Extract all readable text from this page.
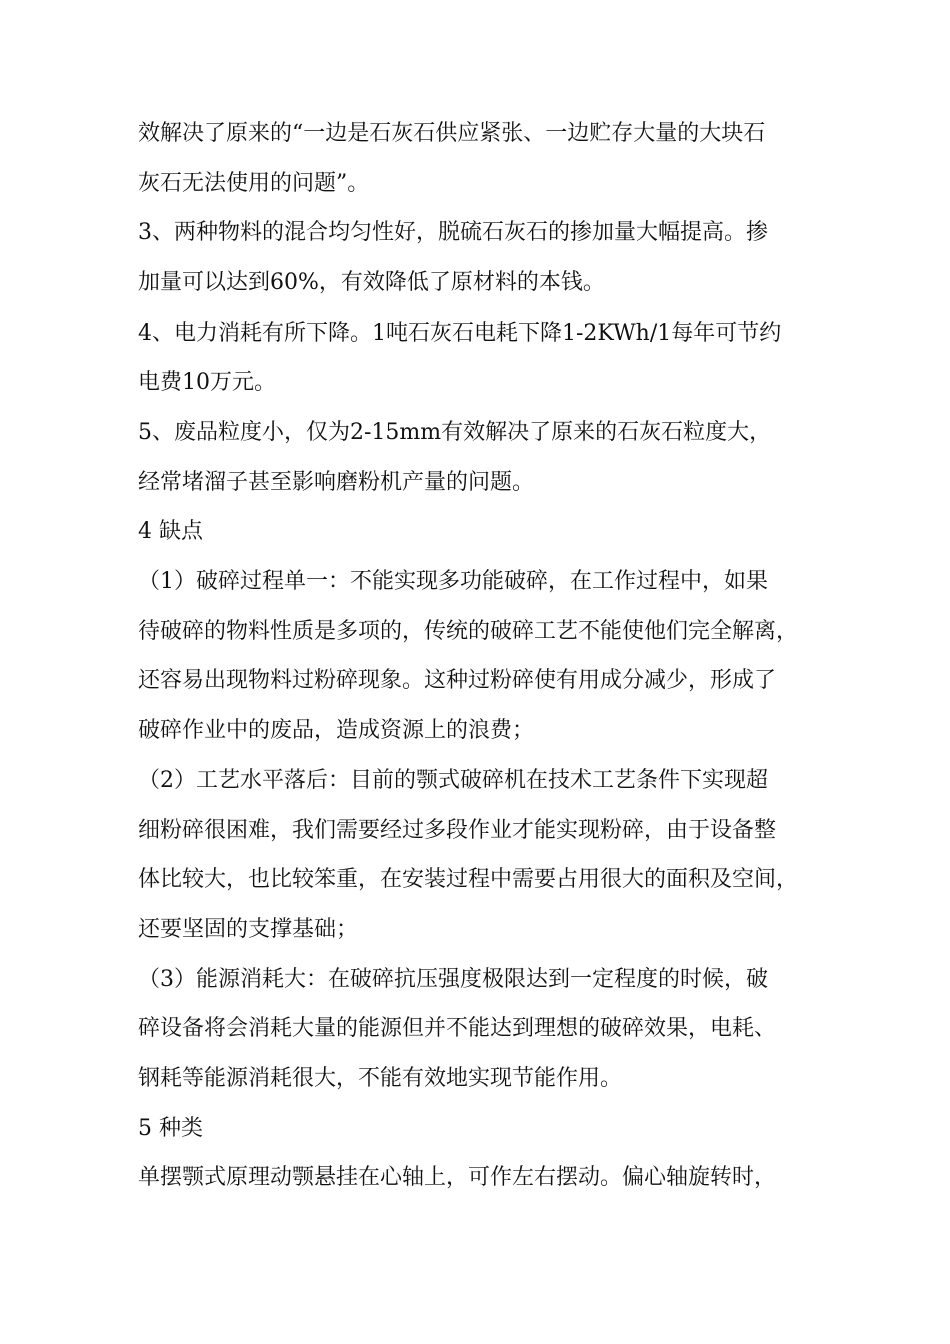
效解决了原来的“一边是石灰石供应紧张、一边贮存大量的大块石
灰石无法使用的问题”。
3、两种物料的混合均匀性好，脱硫石灰石的掺加量大幅提高。掺
加量可以达到60%，有效降低了原材料的本钱。
4、电力消耗有所下降。1吨石灰石电耗下降1-2KWh/1每年可节约
电费10万元。
5、废品粒度小，仅为2-15mm有效解决了原来的石灰石粒度大，
经常堵溜子甚至影响磨粉机产量的问题。
4 缺点
（1）破碎过程单一：不能实现多功能破碎，在工作过程中，如果
待破碎的物料性质是多项的，传统的破碎工艺不能使他们完全解离，
还容易出现物料过粉碎现象。这种过粉碎使有用成分减少，形成了
破碎作业中的废品，造成资源上的浪费；
（2）工艺水平落后：目前的颚式破碎机在技术工艺条件下实现超
细粉碎很困难，我们需要经过多段作业才能实现粉碎，由于设备整
体比较大，也比较笨重，在安装过程中需要占用很大的面积及空间，
还要坚固的支撑基础；
（3）能源消耗大：在破碎抗压强度极限达到一定程度的时候，破
碎设备将会消耗大量的能源但并不能达到理想的破碎效果，电耗、
钢耗等能源消耗很大，不能有效地实现节能作用。
5 种类
单摆颚式原理动颚悬挂在心轴上，可作左右摆动。偏心轴旋转时，
